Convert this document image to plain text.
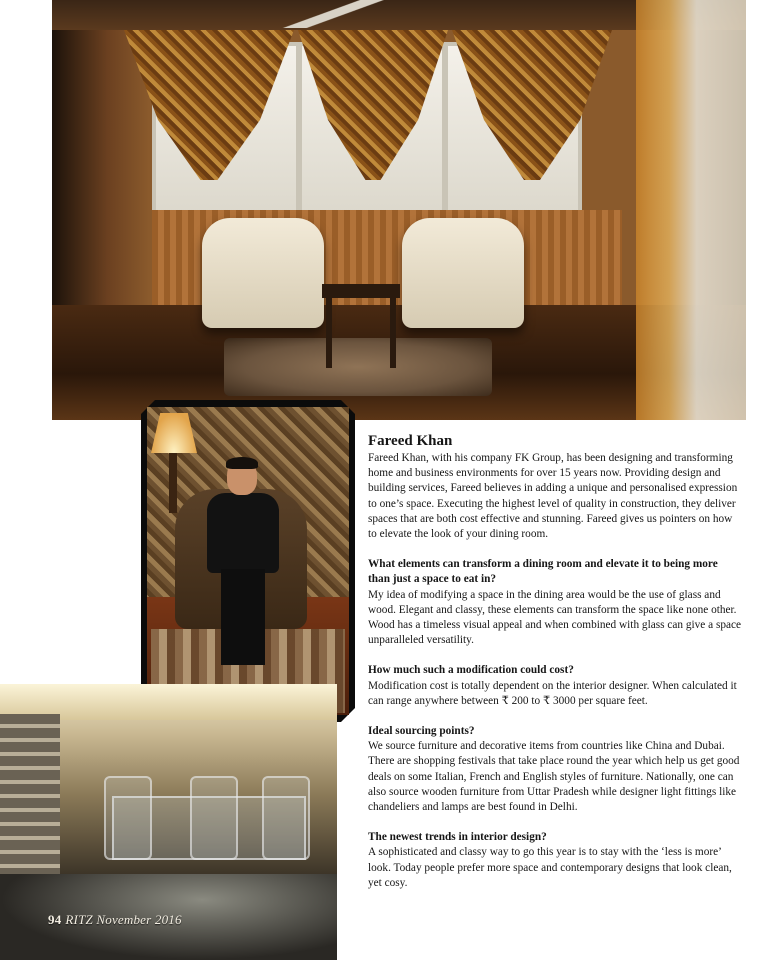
94 RITZ November 2016
Fareed Khan

Fareed Khan, with his company FK Group, has been designing and transforming home and business environments for over 15 years now. Providing design and building services, Fareed believes in adding a unique and personalised expression to one’s space. Executing the highest level of quality in construction, they deliver spaces that are both cost effective and stunning. Fareed gives us pointers on how to elevate the look of your dining room.

What elements can transform a dining room and elevate it to being more than just a space to eat in?

My idea of modifying a space in the dining area would be the use of glass and wood. Elegant and classy, these elements can transform the space like none other. Wood has a timeless visual appeal and when combined with glass can give a space unparalleled versatility.

How much such a modification could cost?

Modification cost is totally dependent on the interior designer. When calculated it can range anywhere between ₹ 200 to ₹ 3000 per square feet.

Ideal sourcing points?

We source furniture and decorative items from countries like China and Dubai. There are shopping festivals that take place round the year which help us get good deals on some Italian, French and English styles of furniture. Nationally, one can also source wooden furniture from Uttar Pradesh while designer light fittings like chandeliers and lamps are best found in Delhi.

The newest trends in interior design?

A sophisticated and classy way to go this year is to stay with the ‘less is more’ look. Today people prefer more space and contemporary designs that look clean, yet cosy.
